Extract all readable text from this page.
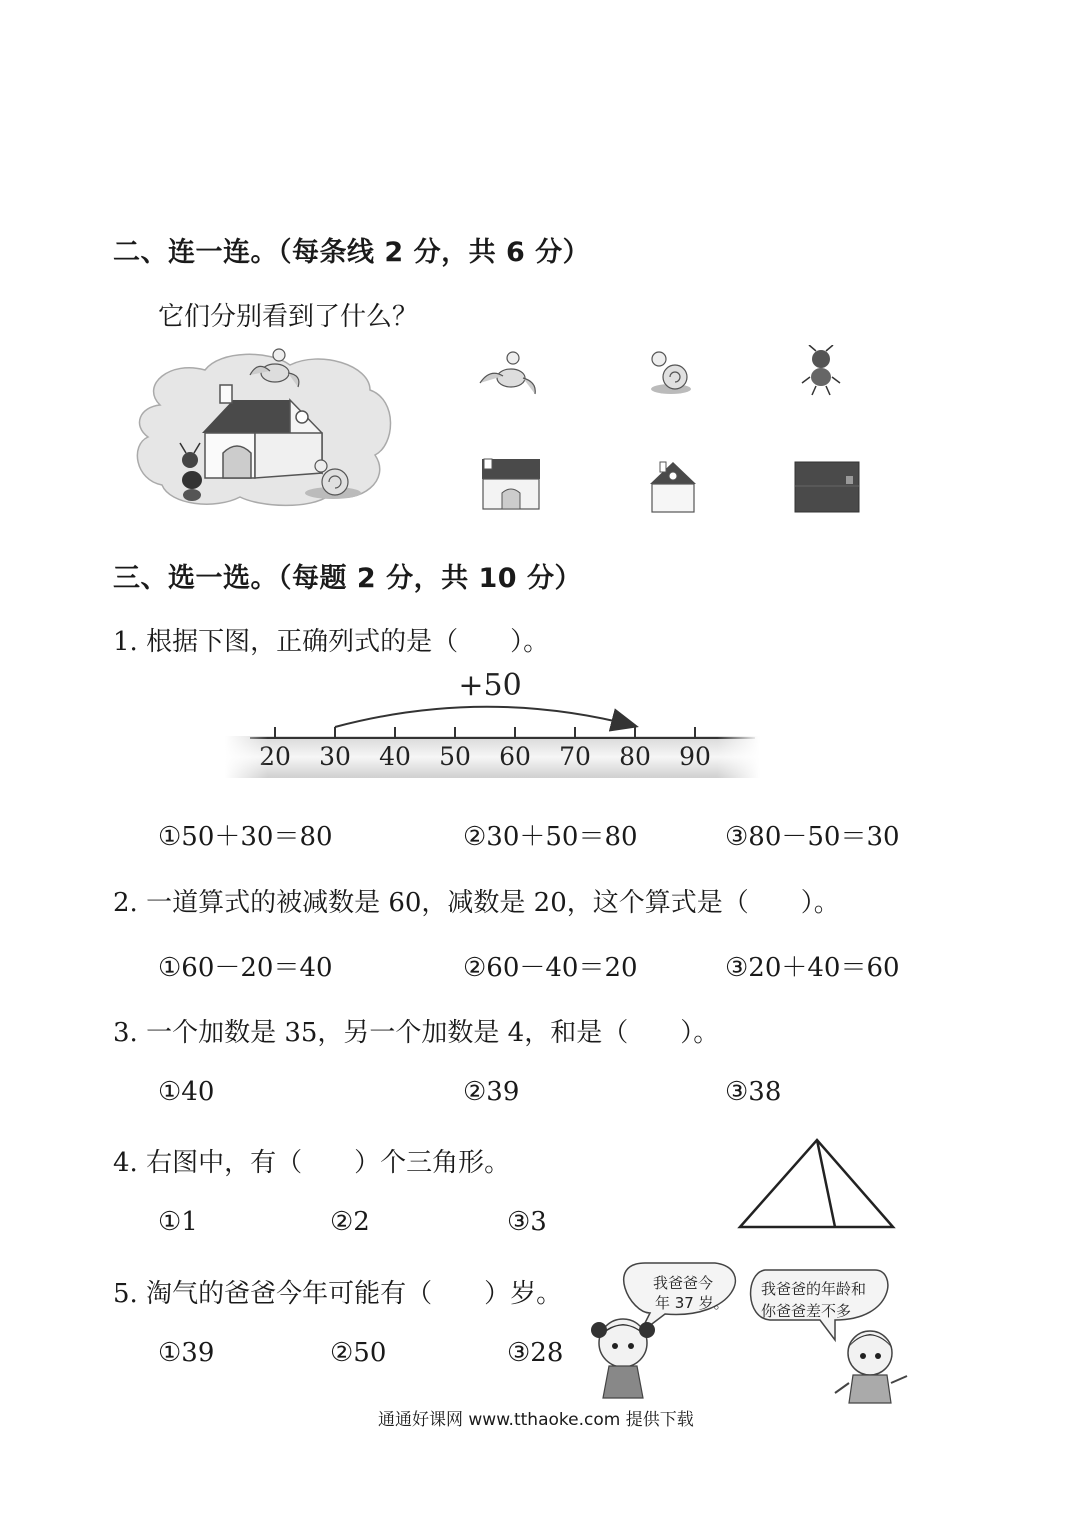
二、连一连。（每条线 2 分，共 6 分）
它们分别看到了什么？
三、选一选。（每题 2 分，共 10 分）
1. 根据下图，正确列式的是（　　）。
+50
①50＋30＝80	②30＋50＝80	③80－50＝30
2. 一道算式的被减数是 60，减数是 20，这个算式是（　　）。
①60－20＝40	②60－40＝20	③20＋40＝60
3. 一个加数是 35，另一个加数是 4，和是（　　）。
①40	②39	③38
4. 右图中，有（　　）个三角形。
①1	②2	③3
5. 淘气的爸爸今年可能有（　　）岁。
①39	②50	③28
我爸爸今
年 37 岁。
我爸爸的年龄和
你爸爸差不多
通通好课网 www.tthaoke.com 提供下载
